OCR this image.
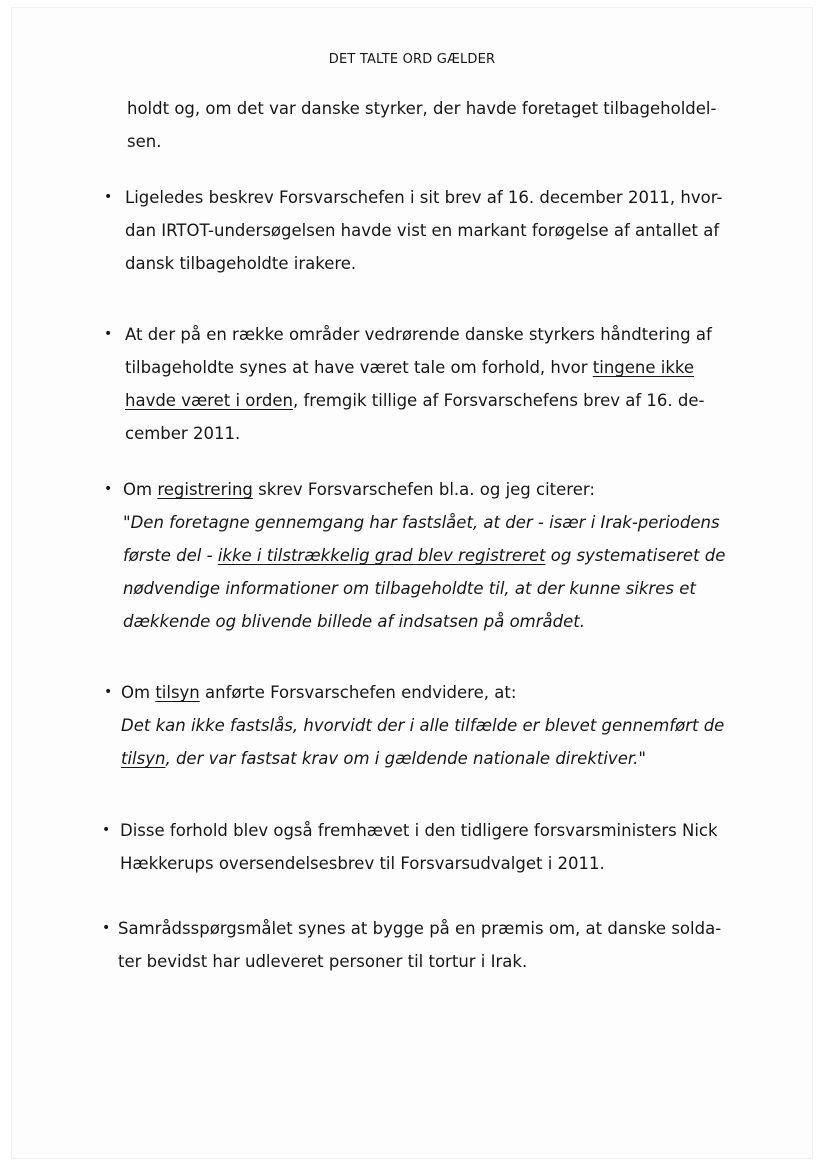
DET TALTE ORD GÆLDER

holdt og, om det var danske styrker, der havde foretaget tilbageholdel-
sen.

• Ligeledes beskrev Forsvarschefen i sit brev af 16. december 2011, hvor-
dan IRTOT-undersøgelsen havde vist en markant forøgelse af antallet af
dansk tilbageholdte irakere.

• At der på en række områder vedrørende danske styrkers håndtering af
tilbageholdte synes at have været tale om forhold, hvor tingene ikke
havde været i orden, fremgik tillige af Forsvarschefens brev af 16. de-
cember 2011.

• Om registrering skrev Forsvarschefen bl.a. og jeg citerer:
"Den foretagne gennemgang har fastslået, at der - især i Irak-periodens
første del - ikke i tilstrækkelig grad blev registreret og systematiseret de
nødvendige informationer om tilbageholdte til, at der kunne sikres et
dækkende og blivende billede af indsatsen på området.

• Om tilsyn anførte Forsvarschefen endvidere, at:
Det kan ikke fastslås, hvorvidt der i alle tilfælde er blevet gennemført de
tilsyn, der var fastsat krav om i gældende nationale direktiver."

• Disse forhold blev også fremhævet i den tidligere forsvarsministers Nick
Hækkerups oversendelsesbrev til Forsvarsudvalget i 2011.

• Samrådsspørgsmålet synes at bygge på en præmis om, at danske solda-
ter bevidst har udleveret personer til tortur i Irak.
